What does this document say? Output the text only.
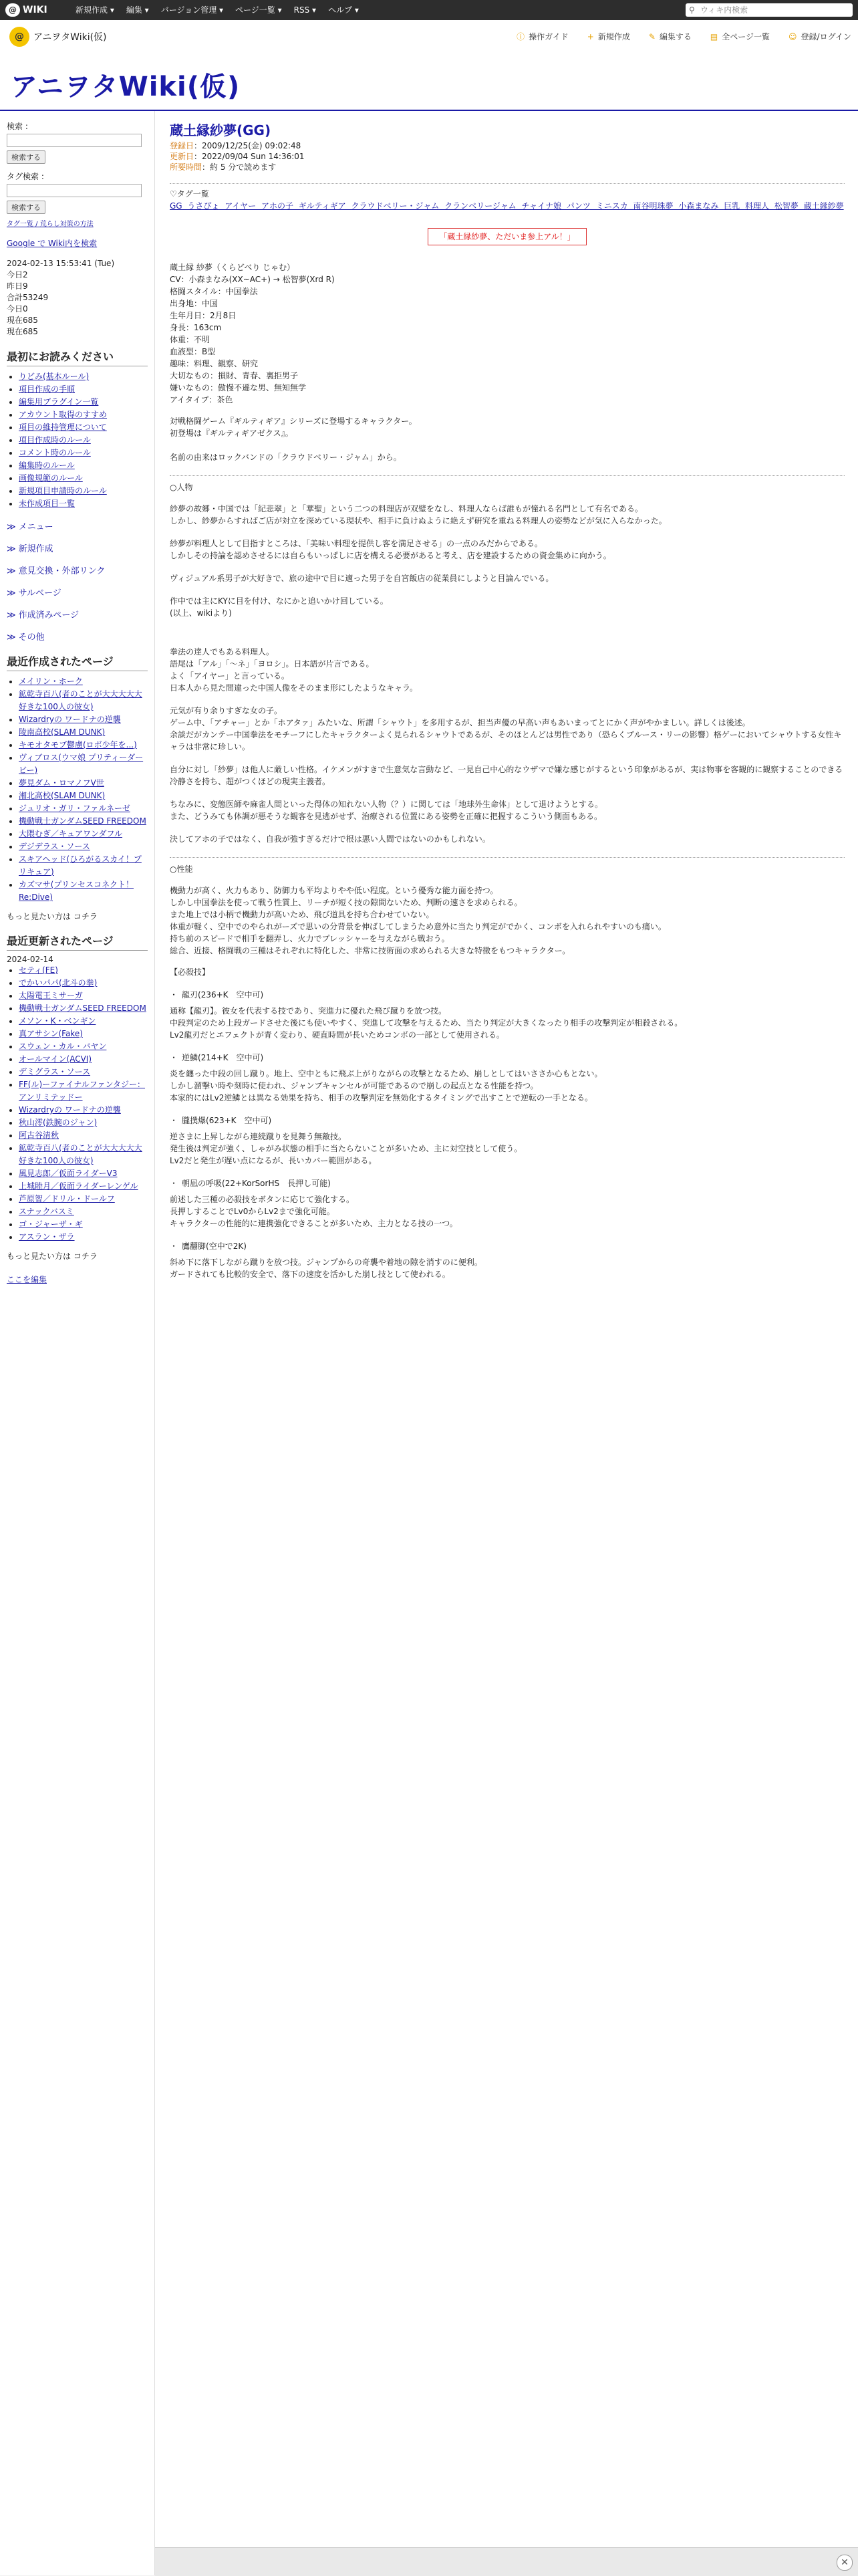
@ WIKI	新規作成 ▾	編集 ▾	バージョン管理 ▾	ページ一覧 ▾	RSS ▾	ヘルプ ▾	⚲ ウィキ内検索
@	アニヲタWiki(仮)	ⓘ 操作ガイド + 新規作成 ✎ 編集する ▤ 全ページ一覧 ☺ 登録/ログイン
アニヲタWiki(仮)
検索 :
検索する
タグ検索 :
検索する
タグ一覧 / 荒らし対策の方法
Google で Wiki内を検索
2024-02-13 15:53:41 (Tue)
今日2
昨日9
合計53249
今日0
現在685
現在685
最初にお読みください
• りどみ(基本ルール)
• 項目作成の手順
• 編集用プラグイン一覧
• アカウント取得のすすめ
• 項目の維持管理について
• 項目作成時のルール
• コメント時のルール
• 編集時のルール
• 画像規範のルール
• 新規項目申請時のルール
• 未作成項目一覧
≫ メニュー
≫ 新規作成
≫ 意見交換・外部リンク
≫ サルベージ
≫ 作成済みページ
≫ その他
最近作成されたページ
• メイリン・ホーク
• 鉱乾寺百八(者のことが大大大大大好きな100人の彼女)
• Wizardryの ワードナの逆襲
• 陵南高校(SLAM DUNK)
• キモオタモブ鬱虜(ロボ少年を...)
• ヴィブロス(ウマ娘 プリティーダービー)
• 夢見ダム・ロマノフV世
• 湘北高校(SLAM DUNK)
• ジュリオ・ガリ・ファルネーゼ
• 機動戦士ガンダムSEED FREEDOM
• 大隈むぎ／キュアワンダフル
• デジデラス・ソース
• スキアヘッド(ひろがるスカイ！プリキュア)
• カズマサ(プリンセスコネクト！Re:Dive)
もっと見たい方は コチラ
最近更新されたページ
2024-02-14
• セティ(FE)
• でかいパパ(北斗の拳)
• 太陽電王ミサーガ
• 機動戦士ガンダムSEED FREEDOM
• メソン・K・ベンギン
• 真アサシン(Fake)
• スウェン・カル・バヤン
• オールマイン(ACVI)
• デミグラス・ソース
• FF(ル)ーファイナルファンタジー：アンリミテッドー
• Wizardryの ワードナの逆襲
• 秋山澪(鉄腕のジャン)
• 阿古谷清秋
• 鉱乾寺百八(者のことが大大大大大好きな100人の彼女)
• 風見志郎／仮面ライダーV3
• 上城睦月／仮面ライダーレンゲル
• 芦原智／ドリル・ドールフ
• スナックバスミ
• ゴ・ジャーザ・ギ
• アスラン・ザラ
もっと見たい方は コチラ
ここを編集
蔵土縁紗夢(GG)
登録日：2009/12/25(金) 09:02:48
更新日：2022/09/04 Sun 14:36:01
所要時間：約 5 分で読めます
♡タグ一覧
GG うさぴょ アイヤー アホの子 ギルティギア クラウドベリー・ジャム クランベリージャム チャイナ娘 パンツ ミニスカ 南谷明珠夢 小森まなみ 巨乳 料理人 松智夢 蔵土縁紗夢
「蔵土縁紗夢、ただいま参上アル！」
蔵土縁 紗夢（くらどべり じゃむ）
CV：小森まなみ(XX~AC+) → 松智夢(Xrd R)
格闘スタイル：中国拳法
出身地：中国
生年月日：2月8日
身長：163cm
体重：不明
血液型：B型
趣味：料理、観察、研究
大切なもの：損財、青春、裏拒男子
嫌いなもの：傲慢不遜な男、無知無学
アイタイプ：茶色
対戦格闘ゲーム『ギルティギア』シリーズに登場するキャラクター。
初登場は『ギルティギアゼクス』。

名前の由来はロックバンドの「クラウドベリー・ジャム」から。
○人物
紗夢の故郷・中国では「紀悲翠」と「華聖」という二つの料理店が双璧をなし、料理人ならば誰もが憧れる名門として有名である。
しかし、紗夢からすればご店が対立を深めている現状や、相手に負けぬように絶えず研究を重ねる料理人の姿勢などが気に入らなかった。
紗夢が料理人として目指すところは、「美味い料理を提供し客を満足させる」の一点のみだからである。
しかしその持論を認めさせるには自らもいっぱしに店を構える必要があると考え、店を建設するための資金集めに向かう。
ヴィジュアル系男子が大好きで、旅の途中で目に適った男子を自宮飯店の従業員にしようと目論んでいる。
作中では主にKYに目を付け、なにかと追いかけ回している。
(以上、wikiより)
拳法の達人でもある料理人。
語尾は「アル」「～ネ」「ヨロシ」。日本語が片言である。
よく「アイヤー」と言っている。
日本人から見た間違った中国人像をそのまま形にしたようなキャラ。
元気が有り余りすぎな女の子。
ゲーム中、「アチャー」とか「ホアタァ」みたいな、所謂「シャウト」を多用するが、担当声優の早高い声もあいまってとにかく声がやかましい。詳しくは後述。
余談だがカンテー中国拳法をモチーフにしたキャラクターよく見られるシャウトであるが、そのほとんどは男性であり（恐らくブルース・リーの影響）格ゲーにおいてシャウトする女性キャラは非常に珍しい。
自分に対し「紗夢」は他人に厳しい性格。イケメンがすきで生意気な言動など、一見自己中心的なウザマで嫌な感じがするという印象があるが、実は物事を客観的に観察することのできる冷静さを持ち、超がつくほどの現実主義者。
ちなみに、変態医師や麻雀人間といった得体の知れない人物（？）に関しては「地球外生命体」として退けようとする。
また、どうみても体調が悪そうな観客を見逃がせず、治療される位置にある姿勢を正確に把握するこういう側面もある。
決してアホの子ではなく、自我が強すぎるだけで根は悪い人間ではないのかもしれない。
○性能
機動力が高く、火力もあり、防御力も平均よりやや低い程度。という優秀な能力面を持つ。
しかし中国拳法を使って戦う性質上、リーチが短く技の隙間ないため、判断の速さを求められる。
また地上では小柄で機動力が高いため、飛び道具を持ち合わせていない。
体重が軽く、空中でのやられがーズで思いの分背景を伸ばしてしまうため意外に当たり判定がでかく、コンボを入れられやすいのも痛い。
持ち前のスピードで相手を翻弄し、火力でプレッシャーを与えながら戦おう。
総合、近接、格闘戦の三種はそれぞれに特化した、非常に技術面の求められる大きな特徴をもつキャラクター。
【必殺技】
・ 龍刃(236+K　空中可)
通称【龍刃】。彼女を代表する技であり、突進力に優れた飛び蹴りを放つ技。
中段判定のため上段ガードさせた後にも使いやすく、突進して攻撃を与えるため、当たり判定が大きくなったり相手の攻撃判定が相殺される。
Lv2龍刃だとエフェクトが青く変わり、硬直時間が長いためコンボの一部として使用される。
・ 逆鱗(214+K　空中可)
炎を纏った中段の回し蹴り。地上、空中ともに飛ぶ上がりながらの攻撃となるため、崩しとしてはいささか心もとない。
しかし溜撃い時や刻時に使われ、ジャンプキャンセルが可能であるので崩しの起点となる性能を持つ。
本家的にはLv2逆鱗とは異なる効果を持ち、相手の攻撃判定を無効化するタイミングで出すことで逆転の一手となる。
・ 朧撲爆(623+K　空中可)
逆さまに上昇しながら連続蹴りを見舞う無敵技。
発生後は判定が強く、しゃがみ状態の相手に当たらないことが多いため、主に対空技として使う。
Lv2だと発生が遅い点になるが、長いカバー範囲がある。
・ 朝凪の呼吸(22+KorSorHS　長押し可能)
前述した三種の必殺技をボタンに応じて強化する。
長押しすることでLv0からLv2まで強化可能。
キャラクターの性能的に連携強化できることが多いため、主力となる技の一つ。
・ 鷹翻脚(空中で2K)
斜め下に落下しながら蹴りを放つ技。ジャンプからの奇襲や着地の隙を消すのに便利。
ガードされても比較的安全で、落下の速度を活かした崩し技として使われる。
✕
